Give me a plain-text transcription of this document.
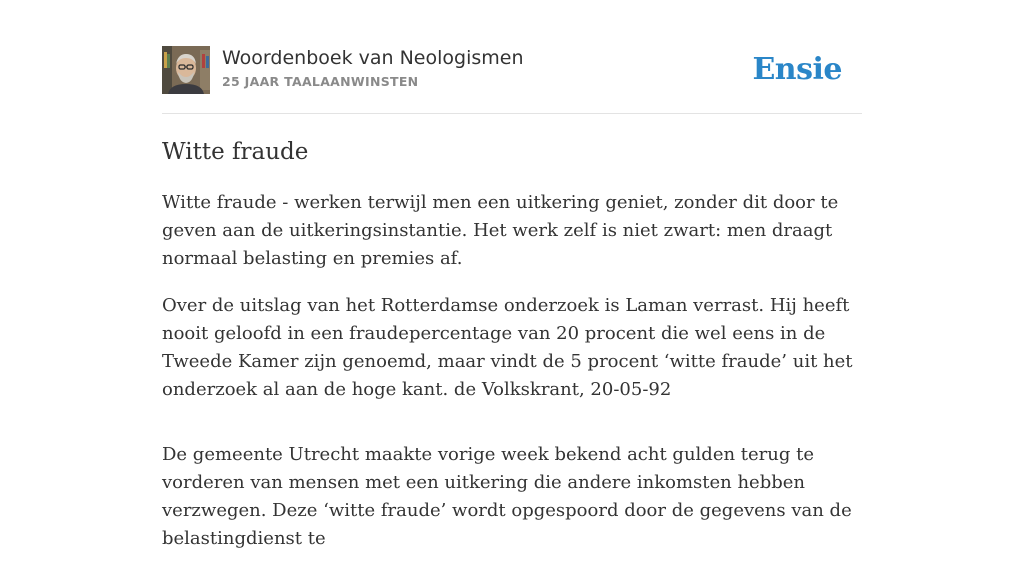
Woordenboek van Neologismen
25 JAAR TAALAANWINSTEN	Ensie
Witte fraude

Witte fraude - werken terwijl men een uitkering geniet, zonder dit door te geven aan de uitkeringsinstantie. Het werk zelf is niet zwart: men draagt normaal belasting en premies af.

Over de uitslag van het Rotterdamse onderzoek is Laman verrast. Hij heeft nooit geloofd in een fraudepercentage van 20 procent die wel eens in de Tweede Kamer zijn genoemd, maar vindt de 5 procent ‘witte fraude’ uit het onderzoek al aan de hoge kant. de Volkskrant, 20-05-92

De gemeente Utrecht maakte vorige week bekend acht gulden terug te vorderen van mensen met een uitkering die andere inkomsten hebben verzwegen. Deze ‘witte fraude’ wordt opgespoord door de gegevens van de belastingdienst te
